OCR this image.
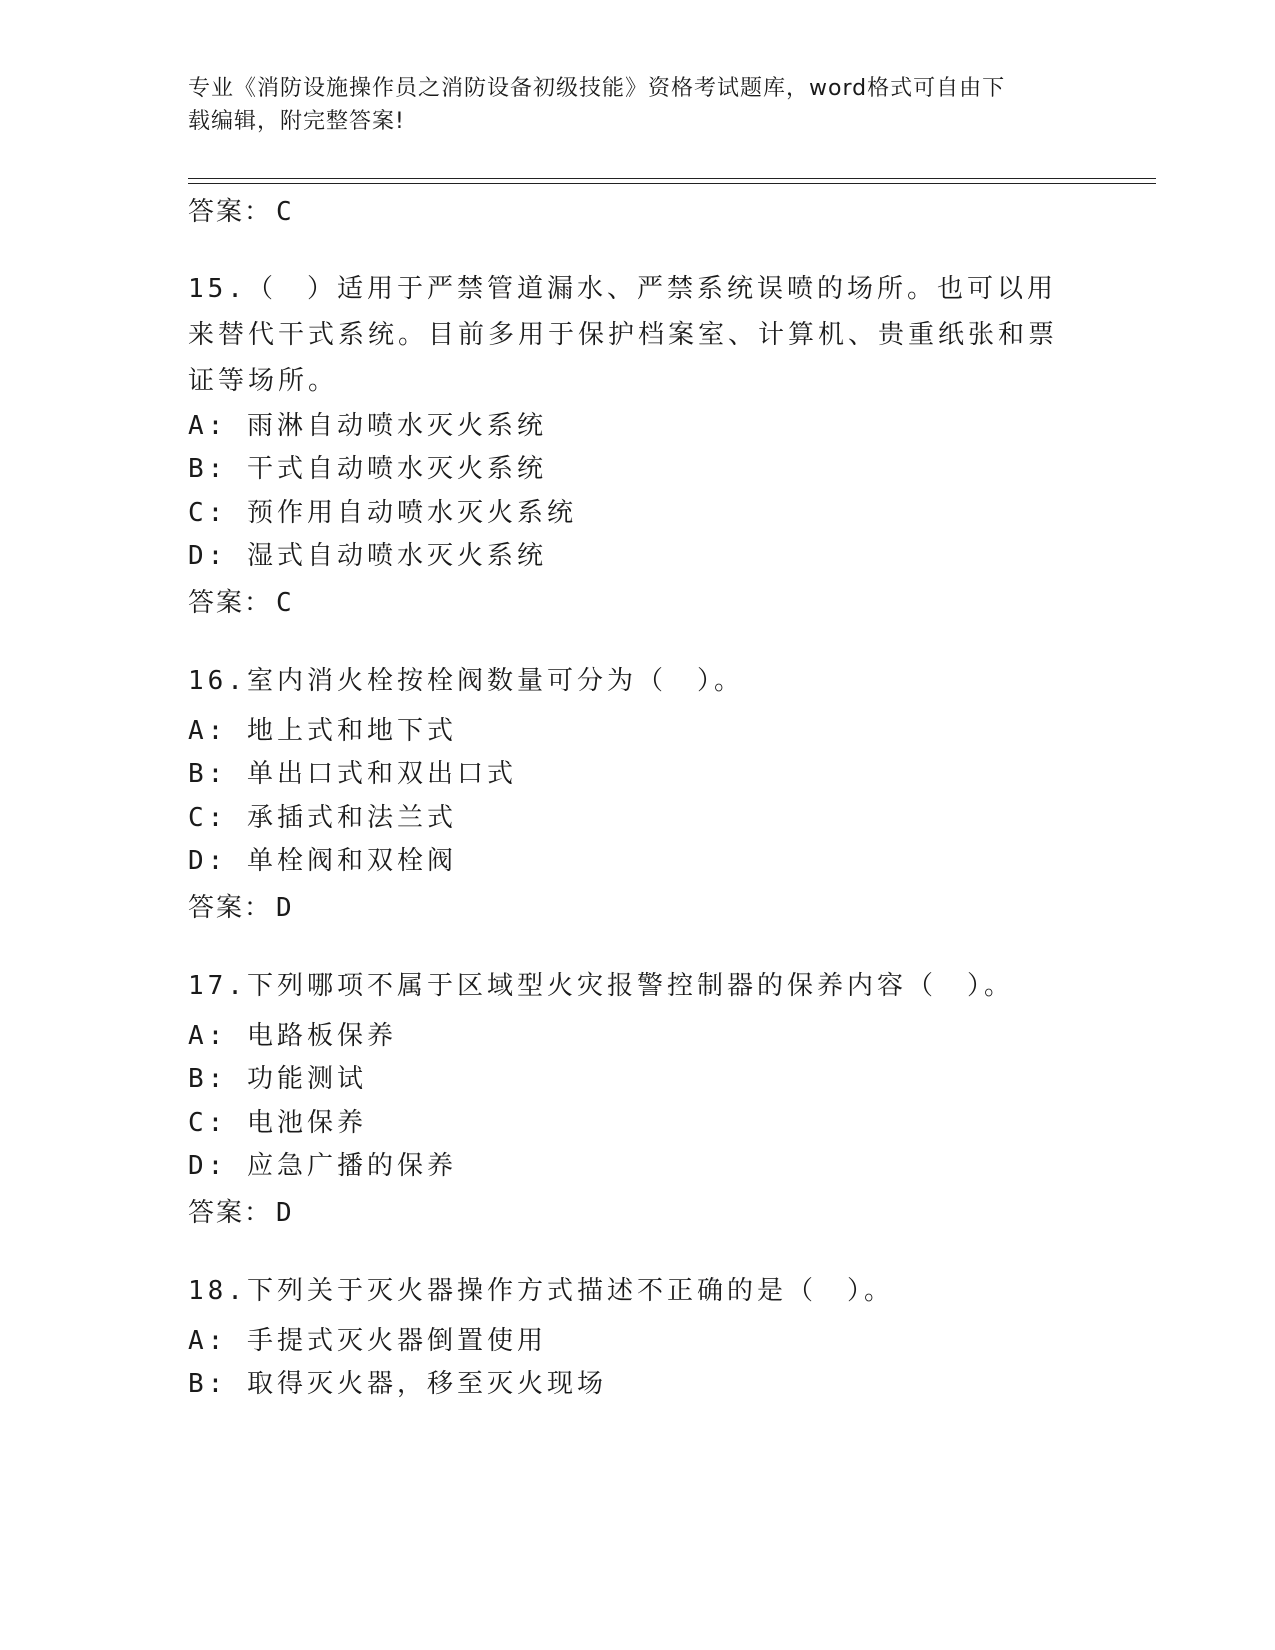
专业《消防设施操作员之消防设备初级技能》资格考试题库，word格式可自由下
载编辑，附完整答案!
答案： C
15.（　）适用于严禁管道漏水、严禁系统误喷的场所。也可以用来替代干式系统。目前多用于保护档案室、计算机、贵重纸张和票证等场所。
A: 雨淋自动喷水灭火系统
B: 干式自动喷水灭火系统
C: 预作用自动喷水灭火系统
D: 湿式自动喷水灭火系统
答案： C
16.室内消火栓按栓阀数量可分为（　）。
A: 地上式和地下式
B: 单出口式和双出口式
C: 承插式和法兰式
D: 单栓阀和双栓阀
答案： D
17.下列哪项不属于区域型火灾报警控制器的保养内容（　）。
A: 电路板保养
B: 功能测试
C: 电池保养
D: 应急广播的保养
答案： D
18.下列关于灭火器操作方式描述不正确的是（　）。
A: 手提式灭火器倒置使用
B: 取得灭火器，移至灭火现场
